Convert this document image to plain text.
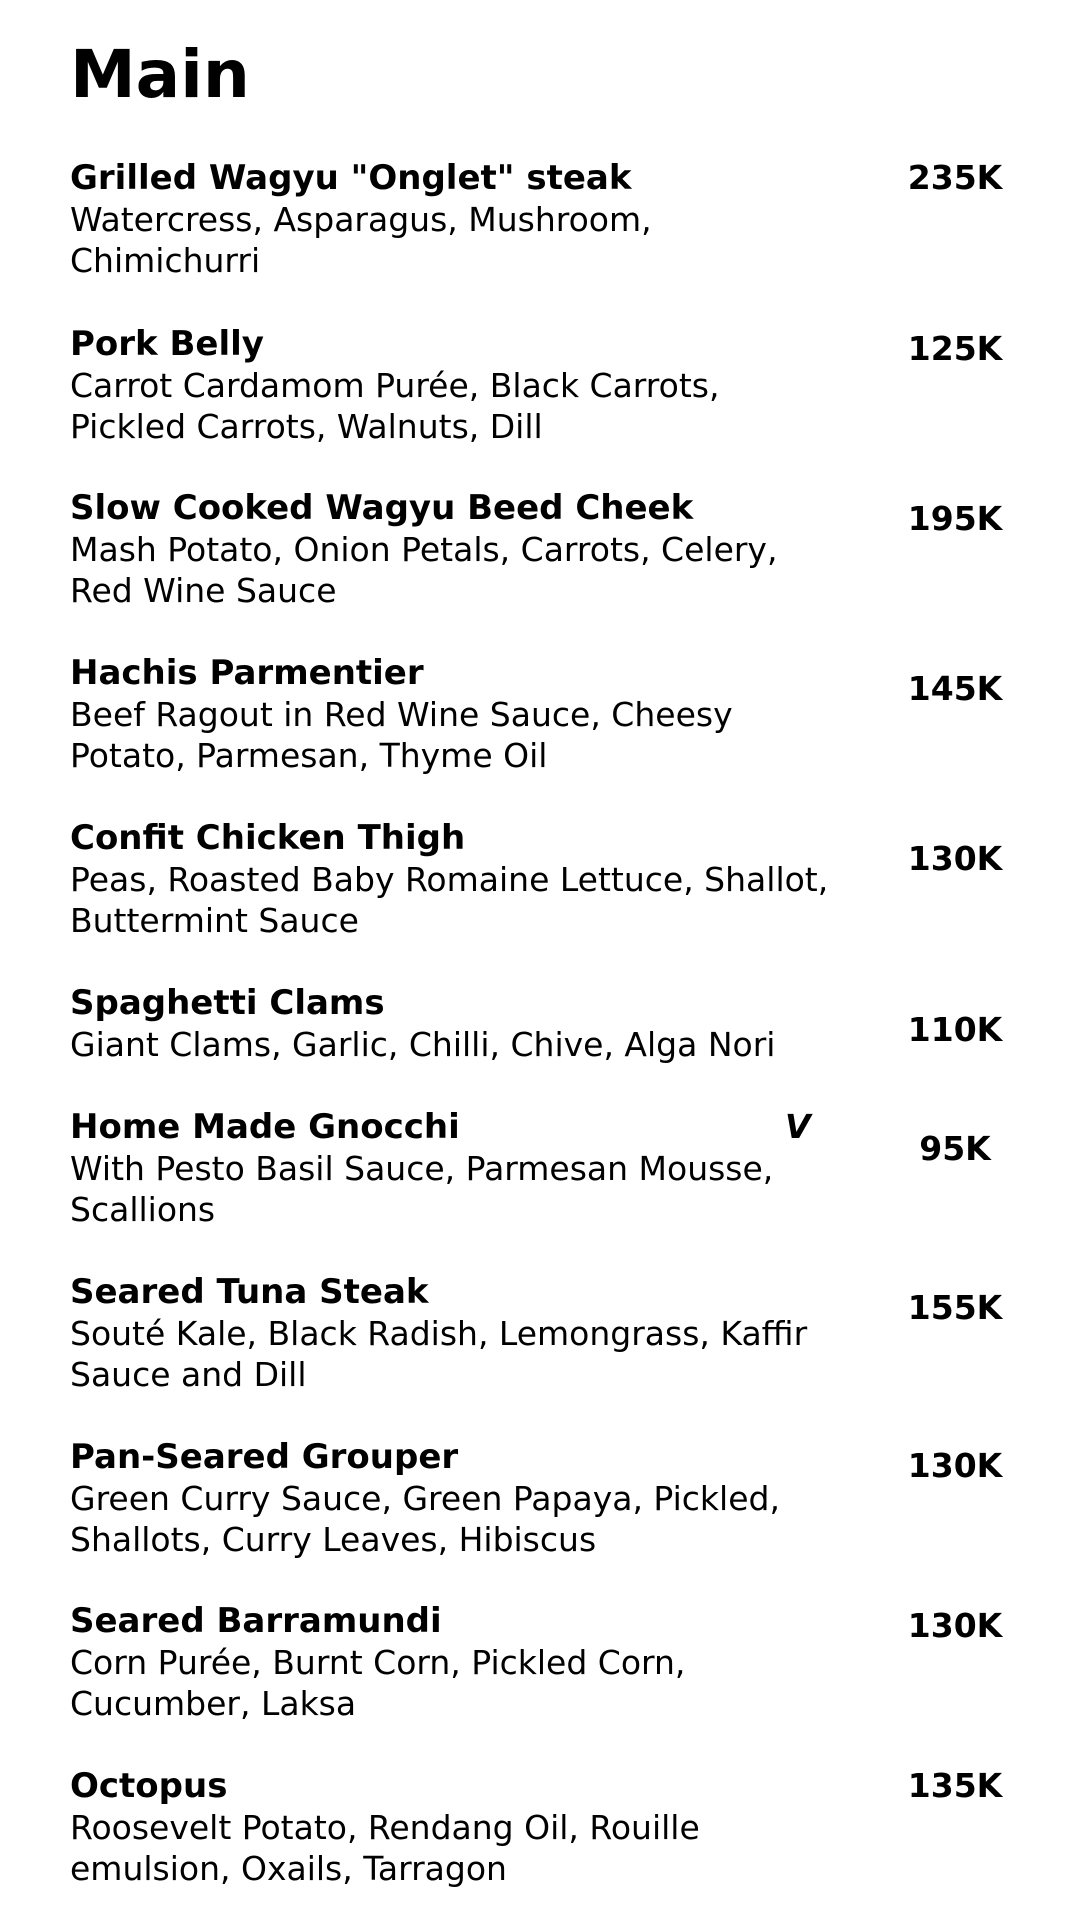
Main
Grilled Wagyu "Onglet" steak
Watercress, Asparagus, Mushroom, Chimichurri
235K
Pork Belly
Carrot Cardamom Purée, Black Carrots, Pickled Carrots, Walnuts, Dill
125K
Slow Cooked Wagyu Beed Cheek
Mash Potato, Onion Petals, Carrots, Celery, Red Wine Sauce
195K
Hachis Parmentier
Beef Ragout in Red Wine Sauce, Cheesy Potato, Parmesan, Thyme Oil
145K
Confit Chicken Thigh
Peas, Roasted Baby Romaine Lettuce, Shallot, Buttermint Sauce
130K
Spaghetti Clams
Giant Clams, Garlic, Chilli, Chive, Alga Nori	110K
Home Made Gnocchi	V
With Pesto Basil Sauce, Parmesan Mousse, Scallions
95K
Seared Tuna Steak
Souté Kale, Black Radish, Lemongrass, Kaffir Sauce and Dill
155K
Pan-Seared Grouper
Green Curry Sauce, Green Papaya, Pickled, Shallots, Curry Leaves, Hibiscus
130K
Seared Barramundi
Corn Purée, Burnt Corn, Pickled Corn, Cucumber, Laksa
130K
Octopus
Roosevelt Potato, Rendang Oil, Rouille emulsion, Oxails, Tarragon
135K
